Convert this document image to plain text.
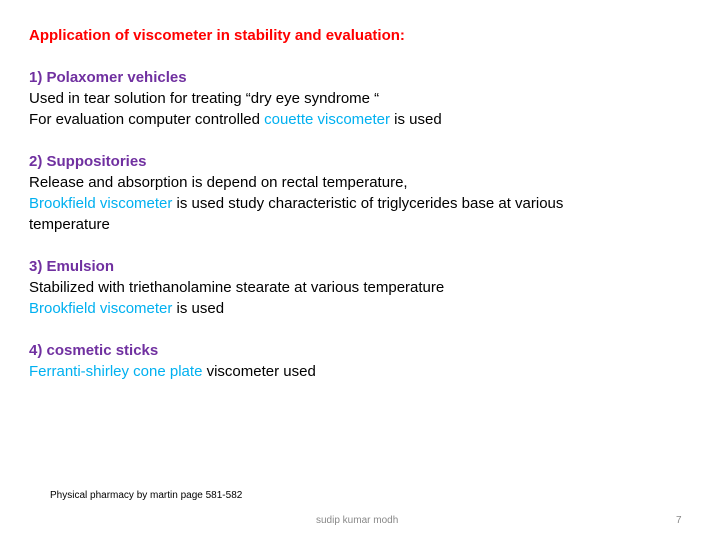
Application of viscometer in stability and evaluation:

1) Polaxomer vehicles
Used in tear solution for treating “dry eye syndrome “
For evaluation computer controlled couette viscometer is used
2) Suppositories
Release and absorption is depend on rectal temperature,
Brookfield viscometer is used study characteristic of triglycerides base at various temperature
3) Emulsion
Stabilized with triethanolamine stearate at various temperature
Brookfield viscometer is used
4) cosmetic sticks
Ferranti-shirley cone plate viscometer used
Physical pharmacy by martin page 581-582
sudip kumar modh	7
